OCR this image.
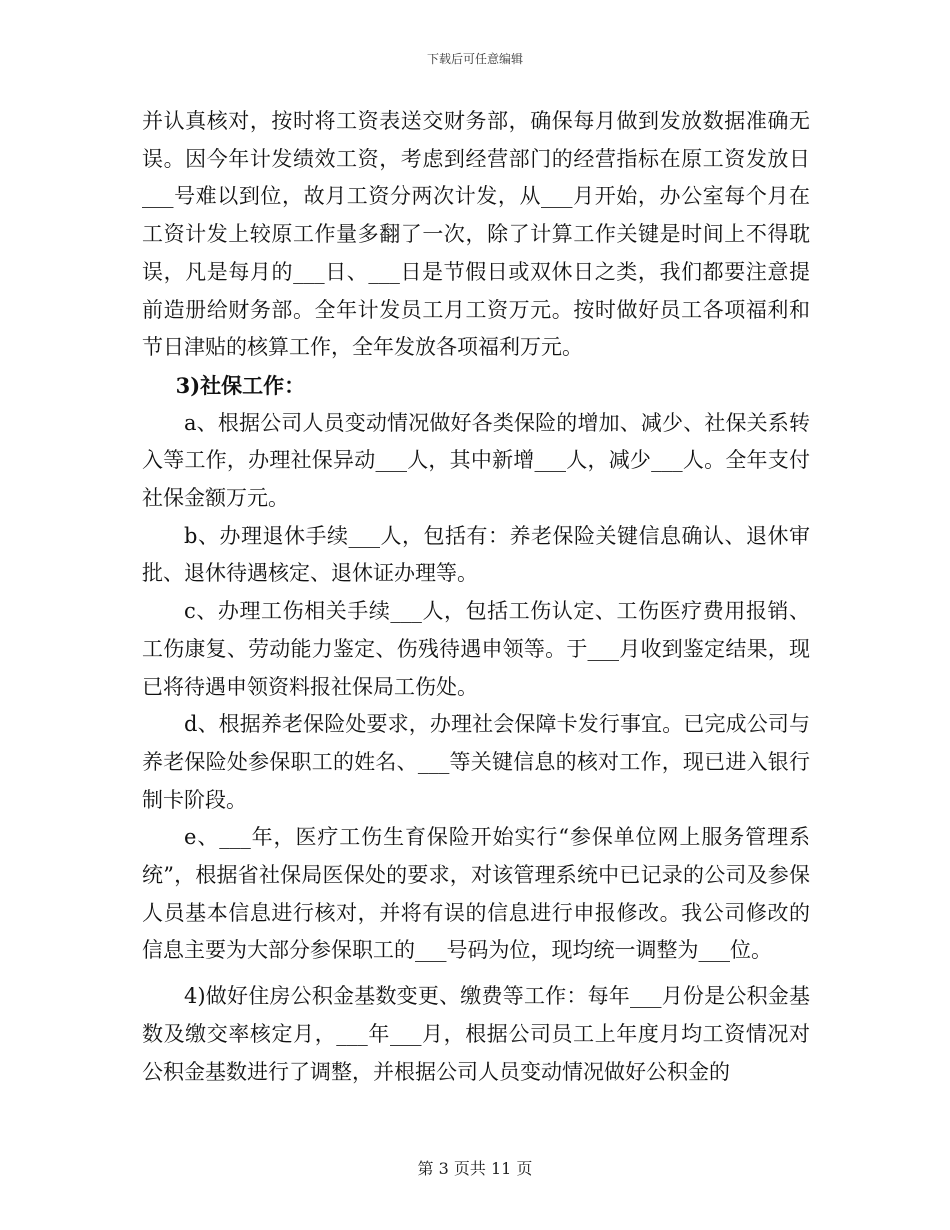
下载后可任意编辑

并认真核对，按时将工资表送交财务部，确保每月做到发放数据准确无误。因今年计发绩效工资，考虑到经营部门的经营指标在原工资发放日___号难以到位，故月工资分两次计发，从___月开始，办公室每个月在工资计发上较原工作量多翻了一次，除了计算工作关键是时间上不得耽误，凡是每月的___日、___日是节假日或双休日之类，我们都要注意提前造册给财务部。全年计发员工月工资万元。按时做好员工各项福利和节日津贴的核算工作，全年发放各项福利万元。

3)社保工作：

a、根据公司人员变动情况做好各类保险的增加、减少、社保关系转入等工作，办理社保异动___人，其中新增___人，减少___人。全年支付社保金额万元。

b、办理退休手续___人，包括有：养老保险关键信息确认、退休审批、退休待遇核定、退休证办理等。

c、办理工伤相关手续___人，包括工伤认定、工伤医疗费用报销、工伤康复、劳动能力鉴定、伤残待遇申领等。于___月收到鉴定结果，现已将待遇申领资料报社保局工伤处。

d、根据养老保险处要求，办理社会保障卡发行事宜。已完成公司与养老保险处参保职工的姓名、___等关键信息的核对工作，现已进入银行制卡阶段。

e、___年，医疗工伤生育保险开始实行“参保单位网上服务管理系统”，根据省社保局医保处的要求，对该管理系统中已记录的公司及参保人员基本信息进行核对，并将有误的信息进行申报修改。我公司修改的信息主要为大部分参保职工的___号码为位，现均统一调整为___位。

4)做好住房公积金基数变更、缴费等工作：每年___月份是公积金基数及缴交率核定月，___年___月，根据公司员工上年度月均工资情况对公积金基数进行了调整，并根据公司人员变动情况做好公积金的

第 3 页共 11 页
